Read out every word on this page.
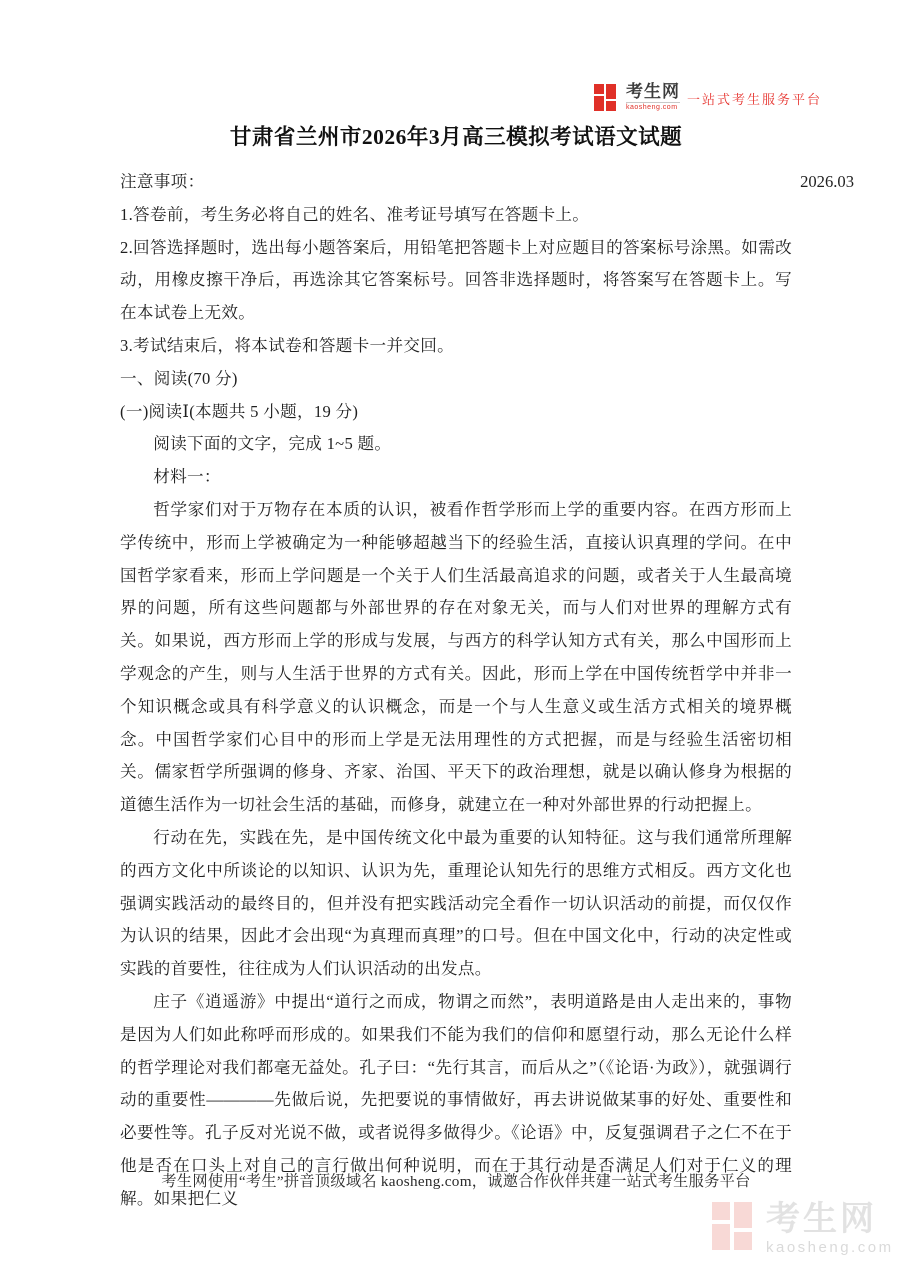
考生网
kaosheng.com
一站式考生服务平台
甘肃省兰州市2026年3月高三模拟考试语文试题
注意事项：	2026.03

1.答卷前，考生务必将自己的姓名、准考证号填写在答题卡上。

2.回答选择题时，选出每小题答案后，用铅笔把答题卡上对应题目的答案标号涂黑。如需改动，用橡皮擦干净后，再选涂其它答案标号。回答非选择题时，将答案写在答题卡上。写在本试卷上无效。

3.考试结束后，将本试卷和答题卡一并交回。

一、阅读(70 分)

(一)阅读Ⅰ(本题共 5 小题，19 分)

阅读下面的文字，完成 1~5 题。

材料一：

哲学家们对于万物存在本质的认识，被看作哲学形而上学的重要内容。在西方形而上学传统中，形而上学被确定为一种能够超越当下的经验生活，直接认识真理的学问。在中国哲学家看来，形而上学问题是一个关于人们生活最高追求的问题，或者关于人生最高境界的问题，所有这些问题都与外部世界的存在对象无关，而与人们对世界的理解方式有关。如果说，西方形而上学的形成与发展，与西方的科学认知方式有关，那么中国形而上学观念的产生，则与人生活于世界的方式有关。因此，形而上学在中国传统哲学中并非一个知识概念或具有科学意义的认识概念，而是一个与人生意义或生活方式相关的境界概念。中国哲学家们心目中的形而上学是无法用理性的方式把握，而是与经验生活密切相关。儒家哲学所强调的修身、齐家、治国、平天下的政治理想，就是以确认修身为根据的道德生活作为一切社会生活的基础，而修身，就建立在一种对外部世界的行动把握上。

行动在先，实践在先，是中国传统文化中最为重要的认知特征。这与我们通常所理解的西方文化中所谈论的以知识、认识为先，重理论认知先行的思维方式相反。西方文化也强调实践活动的最终目的，但并没有把实践活动完全看作一切认识活动的前提，而仅仅作为认识的结果，因此才会出现“为真理而真理”的口号。但在中国文化中，行动的决定性或实践的首要性，往往成为人们认识活动的出发点。

庄子《逍遥游》中提出“道行之而成，物谓之而然”，表明道路是由人走出来的，事物是因为人们如此称呼而形成的。如果我们不能为我们的信仰和愿望行动，那么无论什么样的哲学理论对我们都毫无益处。孔子曰：“先行其言，而后从之”（《论语·为政》），就强调行动的重要性————先做后说，先把要说的事情做好，再去讲说做某事的好处、重要性和必要性等。孔子反对光说不做，或者说得多做得少。《论语》中，反复强调君子之仁不在于他是否在口头上对自己的言行做出何种说明，而在于其行动是否满足人们对于仁义的理解。如果把仁义

考生网使用“考生”拼音顶级域名 kaosheng.com，诚邀合作伙伴共建一站式考生服务平台
考生网
kaosheng.com
